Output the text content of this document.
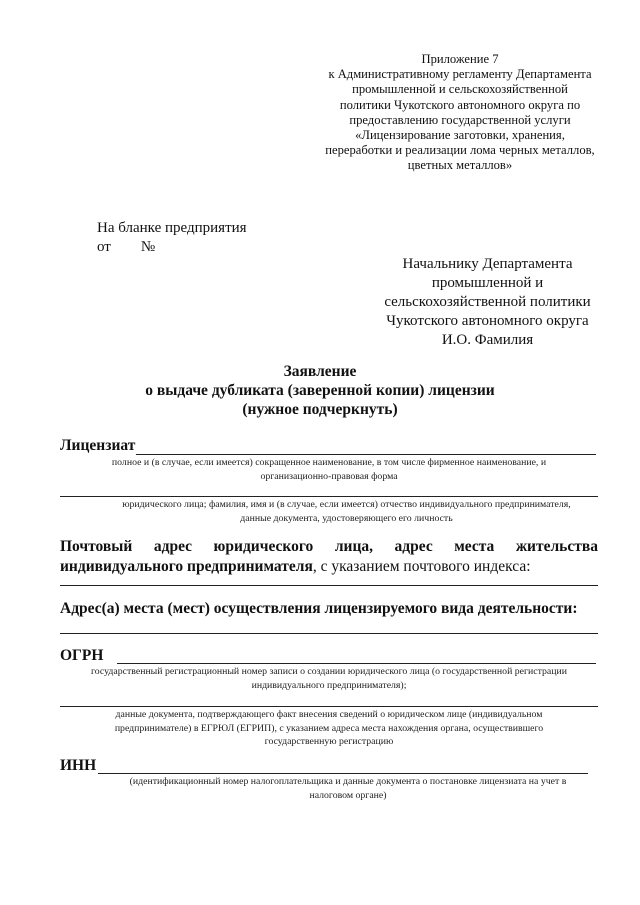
Приложение 7
к Административному регламенту Департамента
промышленной и сельскохозяйственной
политики Чукотского автономного округа по
предоставлению государственной услуги
«Лицензирование заготовки, хранения,
переработки и реализации лома черных металлов,
цветных металлов»
На бланке предприятия
от №
Начальнику Департамента
промышленной и
сельскохозяйственной политики
Чукотского автономного округа
И.О. Фамилия
Заявление
о выдаче дубликата (заверенной копии) лицензии
(нужное подчеркнуть)
Лицензиат
полное и (в случае, если имеется) сокращенное наименование, в том числе фирменное наименование, и
организационно-правовая форма
юридического лица; фамилия, имя и (в случае, если имеется) отчество индивидуального предпринимателя,
данные документа, удостоверяющего его личность
Почтовый адрес юридического лица, адрес места жительства индивидуального предпринимателя, с указанием почтового индекса:
Адрес(а) места (мест) осуществления лицензируемого вида деятельности:
ОГРН
государственный регистрационный номер записи о создании юридического лица (о государственной регистрации
индивидуального предпринимателя);
данные документа, подтверждающего факт внесения сведений о юридическом лице (индивидуальном
предпринимателе) в ЕГРЮЛ (ЕГРИП), с указанием адреса места нахождения органа, осуществившего
государственную регистрацию
ИНН
(идентификационный номер налогоплательщика и данные документа о постановке лицензиата на учет в
налоговом органе)
